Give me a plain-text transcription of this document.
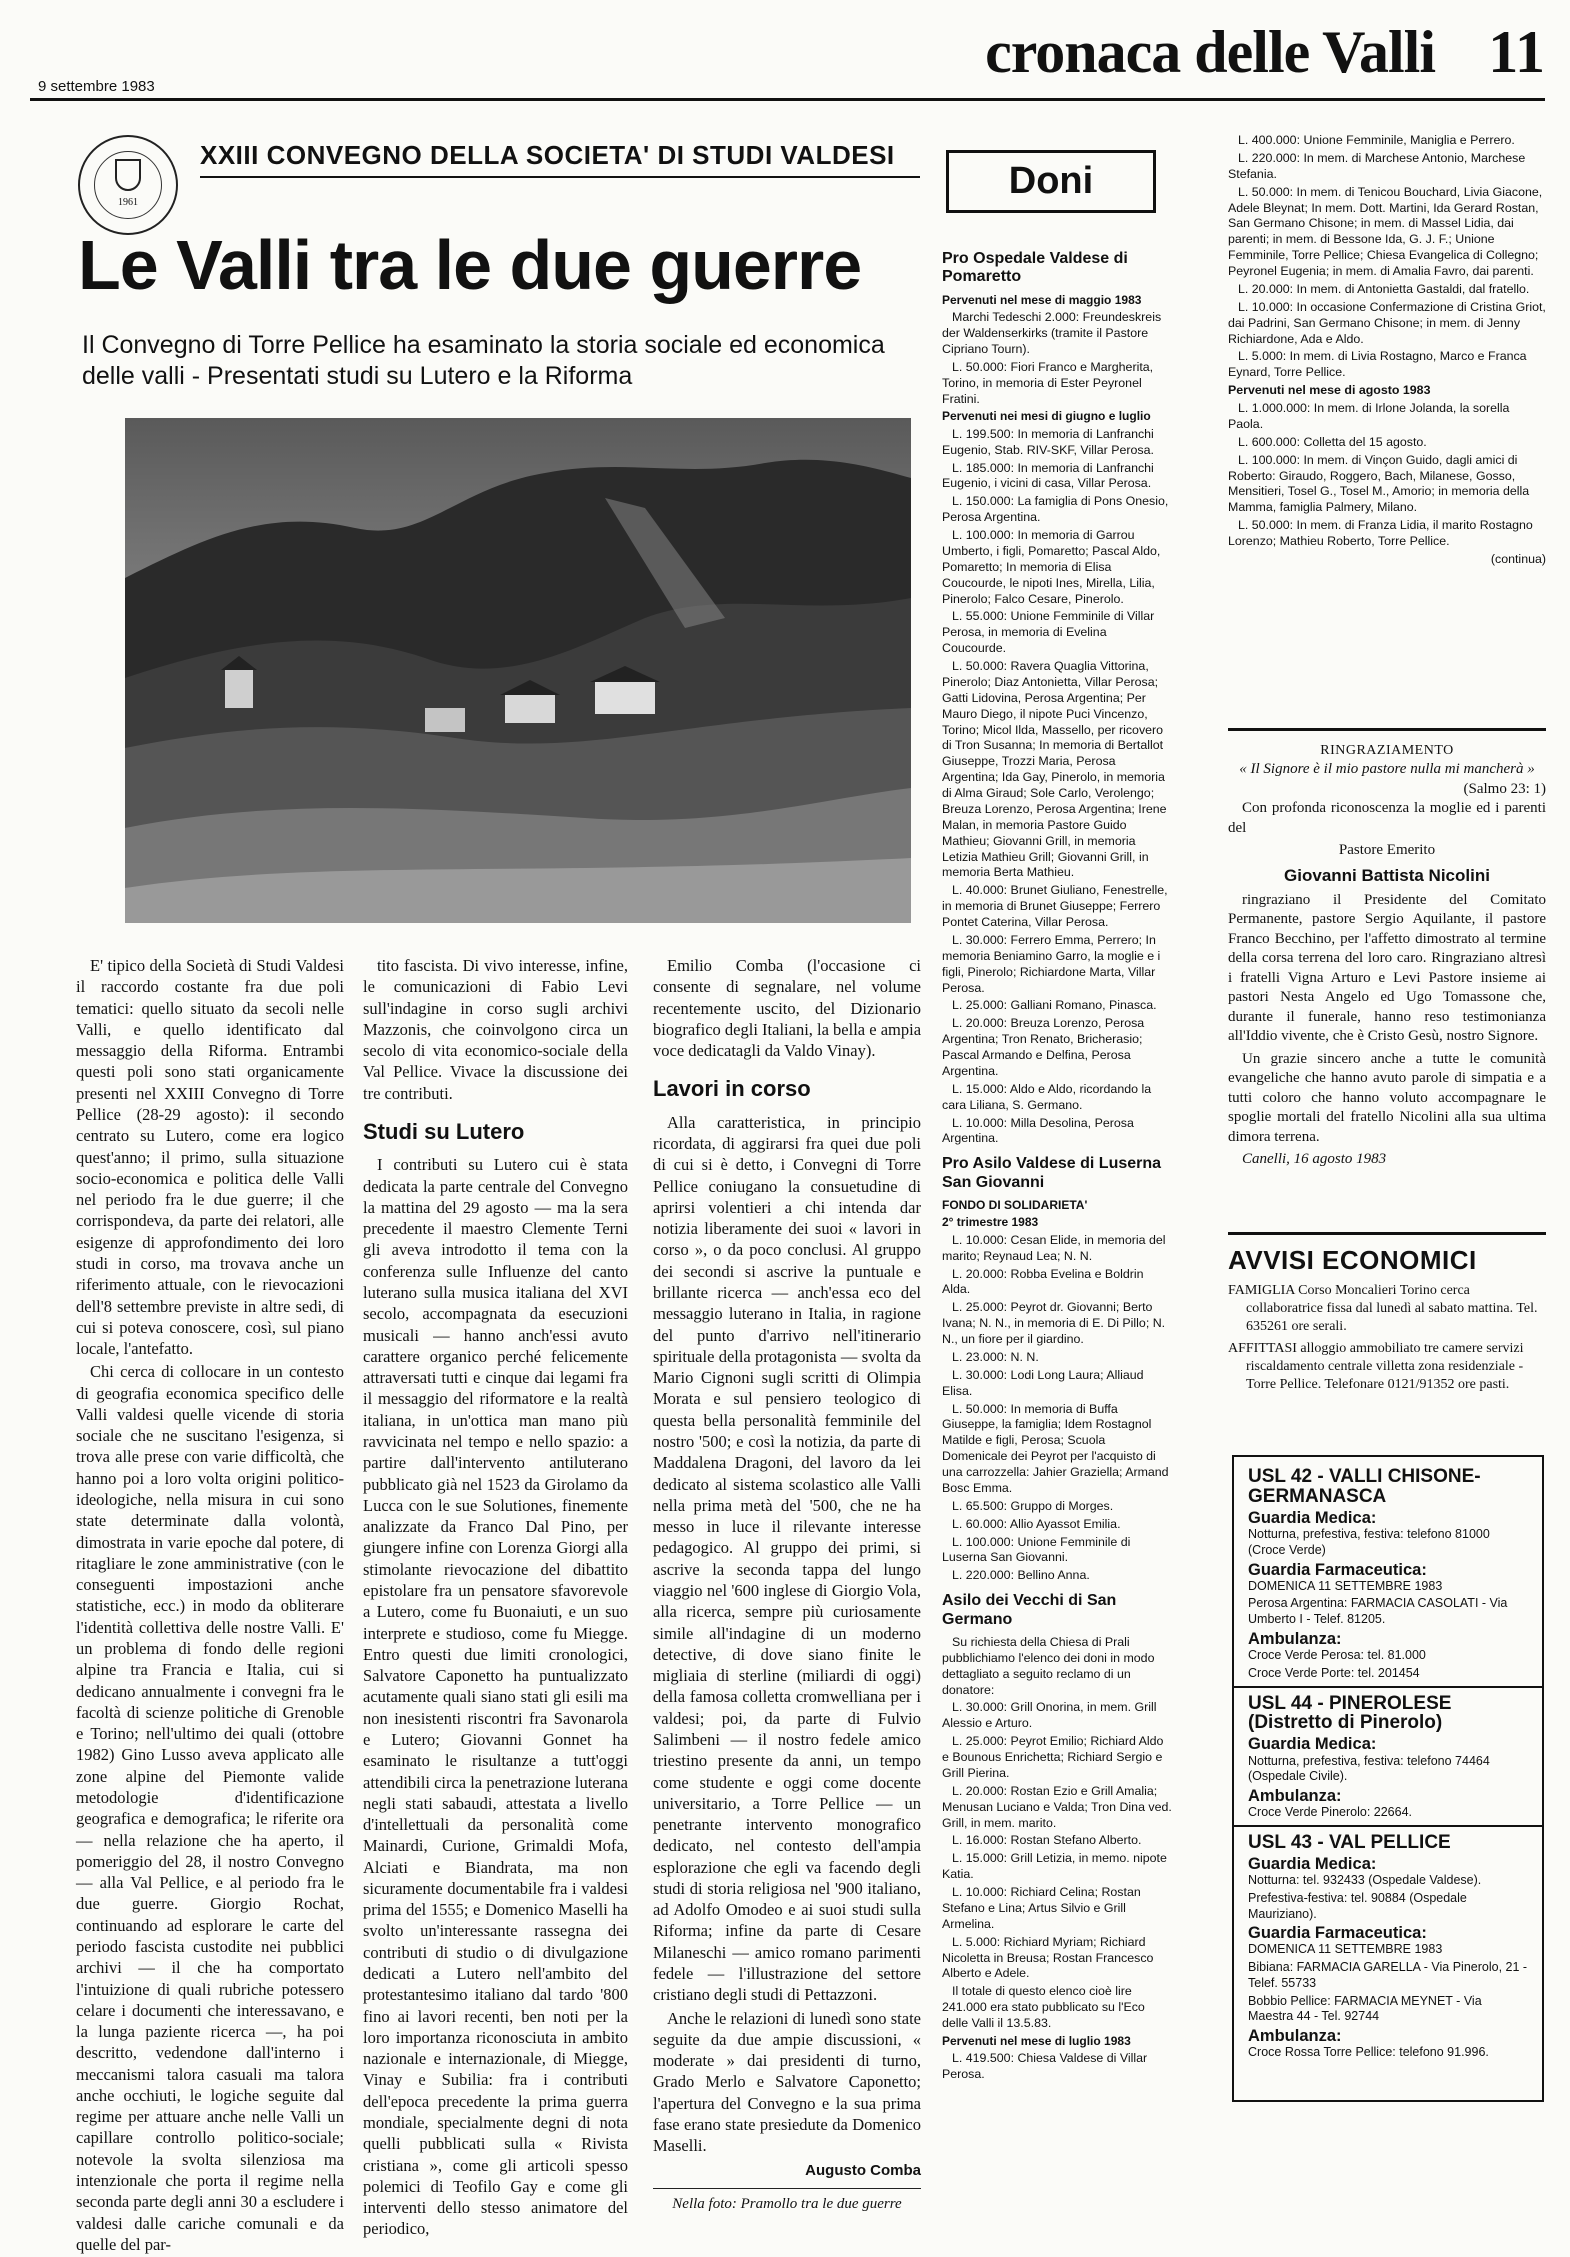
9 settembre 1983
cronaca delle Valli 11
1961
XXIII CONVEGNO DELLA SOCIETA' DI STUDI VALDESI
Le Valli tra le due guerre
Il Convegno di Torre Pellice ha esaminato la storia sociale ed economica delle valli - Presentati studi su Lutero e la Riforma

E' tipico della Società di Studi Valdesi il raccordo costante fra due poli tematici: quello situato da secoli nelle Valli, e quello identificato dal messaggio della Riforma. Entrambi questi poli sono stati organicamente presenti nel XXIII Convegno di Torre Pellice (28-29 agosto): il secondo centrato su Lutero, come era logico quest'anno; il primo, sulla situazione socio-economica e politica delle Valli nel periodo fra le due guerre; il che corrispondeva, da parte dei relatori, alle esigenze di approfondimento dei loro studi in corso, ma trovava anche un riferimento attuale, con le rievocazioni dell'8 settembre previste in altre sedi, di cui si poteva conoscere, così, sul piano locale, l'antefatto.

Chi cerca di collocare in un contesto di geografia economica specifico delle Valli valdesi quelle vicende di storia sociale che ne suscitano l'esigenza, si trova alle prese con varie difficoltà, che hanno poi a loro volta origini politico-ideologiche, nella misura in cui sono state determinate dalla volontà, dimostrata in varie epoche dal potere, di ritagliare le zone amministrative (con le conseguenti impostazioni anche statistiche, ecc.) in modo da obliterare l'identità collettiva delle nostre Valli. E' un problema di fondo delle regioni alpine tra Francia e Italia, cui si dedicano annualmente i convegni fra le facoltà di scienze politiche di Grenoble e Torino; nell'ultimo dei quali (ottobre 1982) Gino Lusso aveva applicato alle zone alpine del Piemonte valide metodologie d'identificazione geografica e demografica; le riferite ora — nella relazione che ha aperto, il pomeriggio del 28, il nostro Convegno — alla Val Pellice, e al periodo fra le due guerre. Giorgio Rochat, continuando ad esplorare le carte del periodo fascista custodite nei pubblici archivi — il che ha comportato l'intuizione di quali rubriche potessero celare i documenti che interessavano, e la lunga paziente ricerca —, ha poi descritto, vedendone dall'interno i meccanismi talora casuali ma talora anche occhiuti, le logiche seguite dal regime per attuare anche nelle Valli un capillare controllo politico-sociale; notevole la svolta silenziosa ma intenzionale che porta il regime nella seconda parte degli anni 30 a escludere i valdesi dalle cariche comunali e da quelle del par-

tito fascista. Di vivo interesse, infine, le comunicazioni di Fabio Levi sull'indagine in corso sugli archivi Mazzonis, che coinvolgono circa un secolo di vita economico-sociale della Val Pellice. Vivace la discussione dei tre contributi.

Studi su Lutero

I contributi su Lutero cui è stata dedicata la parte centrale del Convegno la mattina del 29 agosto — ma la sera precedente il maestro Clemente Terni gli aveva introdotto il tema con la conferenza sulle Influenze del canto luterano sulla musica italiana del XVI secolo, accompagnata da esecuzioni musicali — hanno anch'essi avuto carattere organico perché felicemente attraversati tutti e cinque dai legami fra il messaggio del riformatore e la realtà italiana, in un'ottica man mano più ravvicinata nel tempo e nello spazio: a partire dall'intervento antiluterano pubblicato già nel 1523 da Girolamo da Lucca con le sue Solutiones, finemente analizzate da Franco Dal Pino, per giungere infine con Lorenza Giorgi alla stimolante rievocazione del dibattito epistolare fra un pensatore sfavorevole a Lutero, come fu Buonaiuti, e un suo interprete e studioso, come fu Miegge. Entro questi due limiti cronologici, Salvatore Caponetto ha puntualizzato acutamente quali siano stati gli esili ma non inesistenti riscontri fra Savonarola e Lutero; Giovanni Gonnet ha esaminato le risultanze a tutt'oggi attendibili circa la penetrazione luterana negli stati sabaudi, attestata a livello d'intellettuali da personalità come Mainardi, Curione, Grimaldi Mofa, Alciati e Biandrata, ma non sicuramente documentabile fra i valdesi prima del 1555; e Domenico Maselli ha svolto un'interessante rassegna dei contributi di studio o di divulgazione dedicati a Lutero nell'ambito del protestantesimo italiano dal tardo '800 fino ai lavori recenti, ben noti per la loro importanza riconosciuta in ambito nazionale e internazionale, di Miegge, Vinay e Subilia: fra i contributi dell'epoca precedente la prima guerra mondiale, specialmente degni di nota quelli pubblicati sulla « Rivista cristiana », come gli articoli spesso polemici di Teofilo Gay e come gli interventi dello stesso animatore del periodico,

Emilio Comba (l'occasione ci consente di segnalare, nel volume recentemente uscito, del Dizionario biografico degli Italiani, la bella e ampia voce dedicatagli da Valdo Vinay).

Lavori in corso

Alla caratteristica, in principio ricordata, di aggirarsi fra quei due poli di cui si è detto, i Convegni di Torre Pellice coniugano la consuetudine di aprirsi volentieri a chi intenda dar notizia liberamente dei suoi « lavori in corso », o da poco conclusi. Al gruppo dei secondi si ascrive la puntuale e brillante ricerca — anch'essa eco del messaggio luterano in Italia, in ragione del punto d'arrivo nell'itinerario spirituale della protagonista — svolta da Mario Cignoni sugli scritti di Olimpia Morata e sul pensiero teologico di questa bella personalità femminile del nostro '500; e così la notizia, da parte di Maddalena Dragoni, del lavoro da lei dedicato al sistema scolastico alle Valli nella prima metà del '500, che ne ha messo in luce il rilevante interesse pedagogico. Al gruppo dei primi, si ascrive la seconda tappa del lungo viaggio nel '600 inglese di Giorgio Vola, alla ricerca, sempre più curiosamente simile all'indagine di un moderno detective, di dove siano finite le migliaia di sterline (miliardi di oggi) della famosa colletta cromwelliana per i valdesi; poi, da parte di Fulvio Salimbeni — il nostro fedele amico triestino presente da anni, un tempo come studente e oggi come docente universitario, a Torre Pellice — un penetrante intervento monografico dedicato, nel contesto dell'ampia esplorazione che egli va facendo degli studi di storia religiosa nel '900 italiano, ad Adolfo Omodeo e ai suoi studi sulla Riforma; infine da parte di Cesare Milaneschi — amico romano parimenti fedele — l'illustrazione del settore cristiano degli studi di Pettazzoni.

Anche le relazioni di lunedì sono state seguite da due ampie discussioni, « moderate » dai presidenti di turno, Grado Merlo e Salvatore Caponetto; l'apertura del Convegno e la sua prima fase erano state presiedute da Domenico Maselli.

Augusto Comba
Nella foto: Pramollo tra le due guerre
Doni
Pro Ospedale Valdese di Pomaretto

Pervenuti nel mese di maggio 1983

Marchi Tedeschi 2.000: Freundeskreis der Waldenserkirks (tramite il Pastore Cipriano Tourn).

L. 50.000: Fiori Franco e Margherita, Torino, in memoria di Ester Peyronel Fratini.

Pervenuti nei mesi di giugno e luglio

L. 199.500: In memoria di Lanfranchi Eugenio, Stab. RIV-SKF, Villar Perosa.

L. 185.000: In memoria di Lanfranchi Eugenio, i vicini di casa, Villar Perosa.

L. 150.000: La famiglia di Pons Onesio, Perosa Argentina.

L. 100.000: In memoria di Garrou Umberto, i figli, Pomaretto; Pascal Aldo, Pomaretto; In memoria di Elisa Coucourde, le nipoti Ines, Mirella, Lilia, Pinerolo; Falco Cesare, Pinerolo.

L. 55.000: Unione Femminile di Villar Perosa, in memoria di Evelina Coucourde.

L. 50.000: Ravera Quaglia Vittorina, Pinerolo; Diaz Antonietta, Villar Perosa; Gatti Lidovina, Perosa Argentina; Per Mauro Diego, il nipote Puci Vincenzo, Torino; Micol Ilda, Massello, per ricovero di Tron Susanna; In memoria di Bertallot Giuseppe, Trozzi Maria, Perosa Argentina; Ida Gay, Pinerolo, in memoria di Alma Giraud; Sole Carlo, Verolengo; Breuza Lorenzo, Perosa Argentina; Irene Malan, in memoria Pastore Guido Mathieu; Giovanni Grill, in memoria Letizia Mathieu Grill; Giovanni Grill, in memoria Berta Mathieu.

L. 40.000: Brunet Giuliano, Fenestrelle, in memoria di Brunet Giuseppe; Ferrero Pontet Caterina, Villar Perosa.

L. 30.000: Ferrero Emma, Perrero; In memoria Beniamino Garro, la moglie e i figli, Pinerolo; Richiardone Marta, Villar Perosa.

L. 25.000: Galliani Romano, Pinasca.

L. 20.000: Breuza Lorenzo, Perosa Argentina; Tron Renato, Bricherasio; Pascal Armando e Delfina, Perosa Argentina.

L. 15.000: Aldo e Aldo, ricordando la cara Liliana, S. Germano.

L. 10.000: Milla Desolina, Perosa Argentina.

Pro Asilo Valdese di Luserna San Giovanni

FONDO DI SOLIDARIETA'

2° trimestre 1983

L. 10.000: Cesan Elide, in memoria del marito; Reynaud Lea; N. N.

L. 20.000: Robba Evelina e Boldrin Alda.

L. 25.000: Peyrot dr. Giovanni; Berto Ivana; N. N., in memoria di E. Di Pillo; N. N., un fiore per il giardino.

L. 23.000: N. N.

L. 30.000: Lodi Long Laura; Alliaud Elisa.

L. 50.000: In memoria di Buffa Giuseppe, la famiglia; Idem Rostagnol Matilde e figli, Perosa; Scuola Domenicale dei Peyrot per l'acquisto di una carrozzella: Jahier Graziella; Armand Bosc Emma.

L. 65.500: Gruppo di Morges.

L. 60.000: Allio Ayassot Emilia.

L. 100.000: Unione Femminile di Luserna San Giovanni.

L. 220.000: Bellino Anna.

Asilo dei Vecchi di San Germano

Su richiesta della Chiesa di Prali pubblichiamo l'elenco dei doni in modo dettagliato a seguito reclamo di un donatore:

L. 30.000: Grill Onorina, in mem. Grill Alessio e Arturo.

L. 25.000: Peyrot Emilio; Richiard Aldo e Bounous Enrichetta; Richiard Sergio e Grill Pierina.

L. 20.000: Rostan Ezio e Grill Amalia; Menusan Luciano e Valda; Tron Dina ved. Grill, in mem. marito.

L. 16.000: Rostan Stefano Alberto.

L. 15.000: Grill Letizia, in memo. nipote Katia.

L. 10.000: Richiard Celina; Rostan Stefano e Lina; Artus Silvio e Grill Armelina.

L. 5.000: Richiard Myriam; Richiard Nicoletta in Breusa; Rostan Francesco Alberto e Adele.

Il totale di questo elenco cioè lire 241.000 era stato pubblicato su l'Eco delle Valli il 13.5.83.

Pervenuti nel mese di luglio 1983

L. 419.500: Chiesa Valdese di Villar Perosa.

L. 400.000: Unione Femminile, Maniglia e Perrero.

L. 220.000: In mem. di Marchese Antonio, Marchese Stefania.

L. 50.000: In mem. di Tenicou Bouchard, Livia Giacone, Adele Bleynat; In mem. Dott. Martini, Ida Gerard Rostan, San Germano Chisone; in mem. di Massel Lidia, dai parenti; in mem. di Bessone Ida, G. J. F.; Unione Femminile, Torre Pellice; Chiesa Evangelica di Collegno; Peyronel Eugenia; in mem. di Amalia Favro, dai parenti.

L. 20.000: In mem. di Antonietta Gastaldi, dal fratello.

L. 10.000: In occasione Confermazione di Cristina Griot, dai Padrini, San Germano Chisone; in mem. di Jenny Richiardone, Ada e Aldo.

L. 5.000: In mem. di Livia Rostagno, Marco e Franca Eynard, Torre Pellice.

Pervenuti nel mese di agosto 1983

L. 1.000.000: In mem. di Irlone Jolanda, la sorella Paola.

L. 600.000: Colletta del 15 agosto.

L. 100.000: In mem. di Vinçon Guido, dagli amici di Roberto: Giraudo, Roggero, Bach, Milanese, Gosso, Mensitieri, Tosel G., Tosel M., Amorio; in memoria della Mamma, famiglia Palmery, Milano.

L. 50.000: In mem. di Franza Lidia, il marito Rostagno Lorenzo; Mathieu Roberto, Torre Pellice.

(continua)
RINGRAZIAMENTO
« Il Signore è il mio pastore nulla mi mancherà »
(Salmo 23: 1)

Con profonda riconoscenza la moglie ed i parenti del

Pastore Emerito
Giovanni Battista Nicolini

ringraziano il Presidente del Comitato Permanente, pastore Sergio Aquilante, il pastore Franco Becchino, per l'affetto dimostrato al termine della corsa terrena del loro caro. Ringraziano altresì i fratelli Vigna Arturo e Levi Pastore insieme ai pastori Nesta Angelo ed Ugo Tomassone che, durante il funerale, hanno reso testimonianza all'Iddio vivente, che è Cristo Gesù, nostro Signore.

Un grazie sincero anche a tutte le comunità evangeliche che hanno avuto parole di simpatia e a tutti coloro che hanno voluto accompagnare le spoglie mortali del fratello Nicolini alla sua ultima dimora terrena.

Canelli, 16 agosto 1983
AVVISI ECONOMICI

FAMIGLIA Corso Moncalieri Torino cerca collaboratrice fissa dal lunedì al sabato mattina. Tel. 635261 ore serali.

AFFITTASI alloggio ammobiliato tre camere servizi riscaldamento centrale villetta zona residenziale - Torre Pellice. Telefonare 0121/91352 ore pasti.

USL 42 - VALLI CHISONE-GERMANASCA
Guardia Medica:
Notturna, prefestiva, festiva: telefono 81000 (Croce Verde)
Guardia Farmaceutica:
DOMENICA 11 SETTEMBRE 1983
Perosa Argentina: FARMACIA CASOLATI - Via Umberto I - Telef. 81205.
Ambulanza:
Croce Verde Perosa: tel. 81.000
Croce Verde Porte: tel. 201454
USL 44 - PINEROLESE (Distretto di Pinerolo)
Guardia Medica:
Notturna, prefestiva, festiva: telefono 74464 (Ospedale Civile).
Ambulanza:
Croce Verde Pinerolo: 22664.
USL 43 - VAL PELLICE
Guardia Medica:
Notturna: tel. 932433 (Ospedale Valdese).
Prefestiva-festiva: tel. 90884 (Ospedale Mauriziano).
Guardia Farmaceutica:
DOMENICA 11 SETTEMBRE 1983
Bibiana: FARMACIA GARELLA - Via Pinerolo, 21 - Telef. 55733
Bobbio Pellice: FARMACIA MEYNET - Via Maestra 44 - Tel. 92744
Ambulanza:
Croce Rossa Torre Pellice: telefono 91.996.
